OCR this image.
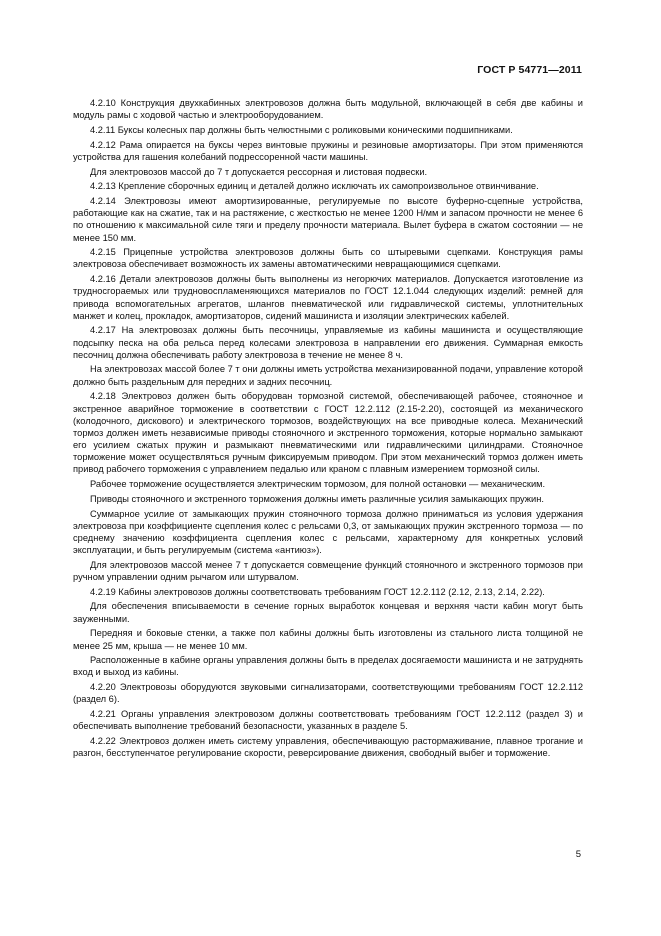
ГОСТ Р 54771—2011

4.2.10 Конструкция двухкабинных электровозов должна быть модульной, включающей в себя две кабины и модуль рамы с ходовой частью и электрооборудованием.

4.2.11 Буксы колесных пар должны быть челюстными с роликовыми коническими подшипниками.

4.2.12 Рама опирается на буксы через винтовые пружины и резиновые амортизаторы. При этом применяются устройства для гашения колебаний подрессоренной части машины.

Для электровозов массой до 7 т допускается рессорная и листовая подвески.

4.2.13 Крепление сборочных единиц и деталей должно исключать их самопроизвольное отвинчивание.

4.2.14 Электровозы имеют амортизированные, регулируемые по высоте буферно-сцепные устройства, работающие как на сжатие, так и на растяжение, с жесткостью не менее 1200 Н/мм и запасом прочности не менее 6 по отношению к максимальной силе тяги и пределу прочности материала. Вылет буфера в сжатом состоянии — не менее 150 мм.

4.2.15 Прицепные устройства электровозов должны быть со штыревыми сцепками. Конструкция рамы электровоза обеспечивает возможность их замены автоматическими невращающимися сцепками.

4.2.16 Детали электровозов должны быть выполнены из негорючих материалов. Допускается изготовление из трудносгораемых или трудновоспламеняющихся материалов по ГОСТ 12.1.044 следующих изделий: ремней для привода вспомогательных агрегатов, шлангов пневматической или гидравлической системы, уплотнительных манжет и колец, прокладок, амортизаторов, сидений машиниста и изоляции электрических кабелей.

4.2.17 На электровозах должны быть песочницы, управляемые из кабины машиниста и осуществляющие подсыпку песка на оба рельса перед колесами электровоза в направлении его движения. Суммарная емкость песочниц должна обеспечивать работу электровоза в течение не менее 8 ч.

На электровозах массой более 7 т они должны иметь устройства механизированной подачи, управление которой должно быть раздельным для передних и задних песочниц.

4.2.18 Электровоз должен быть оборудован тормозной системой, обеспечивающей рабочее, стояночное и экстренное аварийное торможение в соответствии с ГОСТ 12.2.112 (2.15-2.20), состоящей из механического (колодочного, дискового) и электрического тормозов, воздействующих на все приводные колеса. Механический тормоз должен иметь независимые приводы стояночного и экстренного торможения, которые нормально замыкают его усилием сжатых пружин и размыкают пневматическими или гидравлическими цилиндрами. Стояночное торможение может осуществляться ручным фиксируемым приводом. При этом механический тормоз должен иметь привод рабочего торможения с управлением педалью или краном с плавным измерением тормозной силы.

Рабочее торможение осуществляется электрическим тормозом, для полной остановки — механическим.

Приводы стояночного и экстренного торможения должны иметь различные усилия замыкающих пружин.

Суммарное усилие от замыкающих пружин стояночного тормоза должно приниматься из условия удержания электровоза при коэффициенте сцепления колес с рельсами 0,3, от замыкающих пружин экстренного тормоза — по среднему значению коэффициента сцепления колес с рельсами, характерному для конкретных условий эксплуатации, и быть регулируемым (система «антиюз»).

Для электровозов массой менее 7 т допускается совмещение функций стояночного и экстренного тормозов при ручном управлении одним рычагом или штурвалом.

4.2.19 Кабины электровозов должны соответствовать требованиям ГОСТ 12.2.112 (2.12, 2.13, 2.14, 2.22).

Для обеспечения вписываемости в сечение горных выработок концевая и верхняя части кабин могут быть зауженными.

Передняя и боковые стенки, а также пол кабины должны быть изготовлены из стального листа толщиной не менее 25 мм, крыша — не менее 10 мм.

Расположенные в кабине органы управления должны быть в пределах досягаемости машиниста и не затруднять вход и выход из кабины.

4.2.20 Электровозы оборудуются звуковыми сигнализаторами, соответствующими требованиям ГОСТ 12.2.112 (раздел 6).

4.2.21 Органы управления электровозом должны соответствовать требованиям ГОСТ 12.2.112 (раздел 3) и обеспечивать выполнение требований безопасности, указанных в разделе 5.

4.2.22 Электровоз должен иметь систему управления, обеспечивающую растормаживание, плавное трогание и разгон, бесступенчатое регулирование скорости, реверсирование движения, свободный выбег и торможение.

5
